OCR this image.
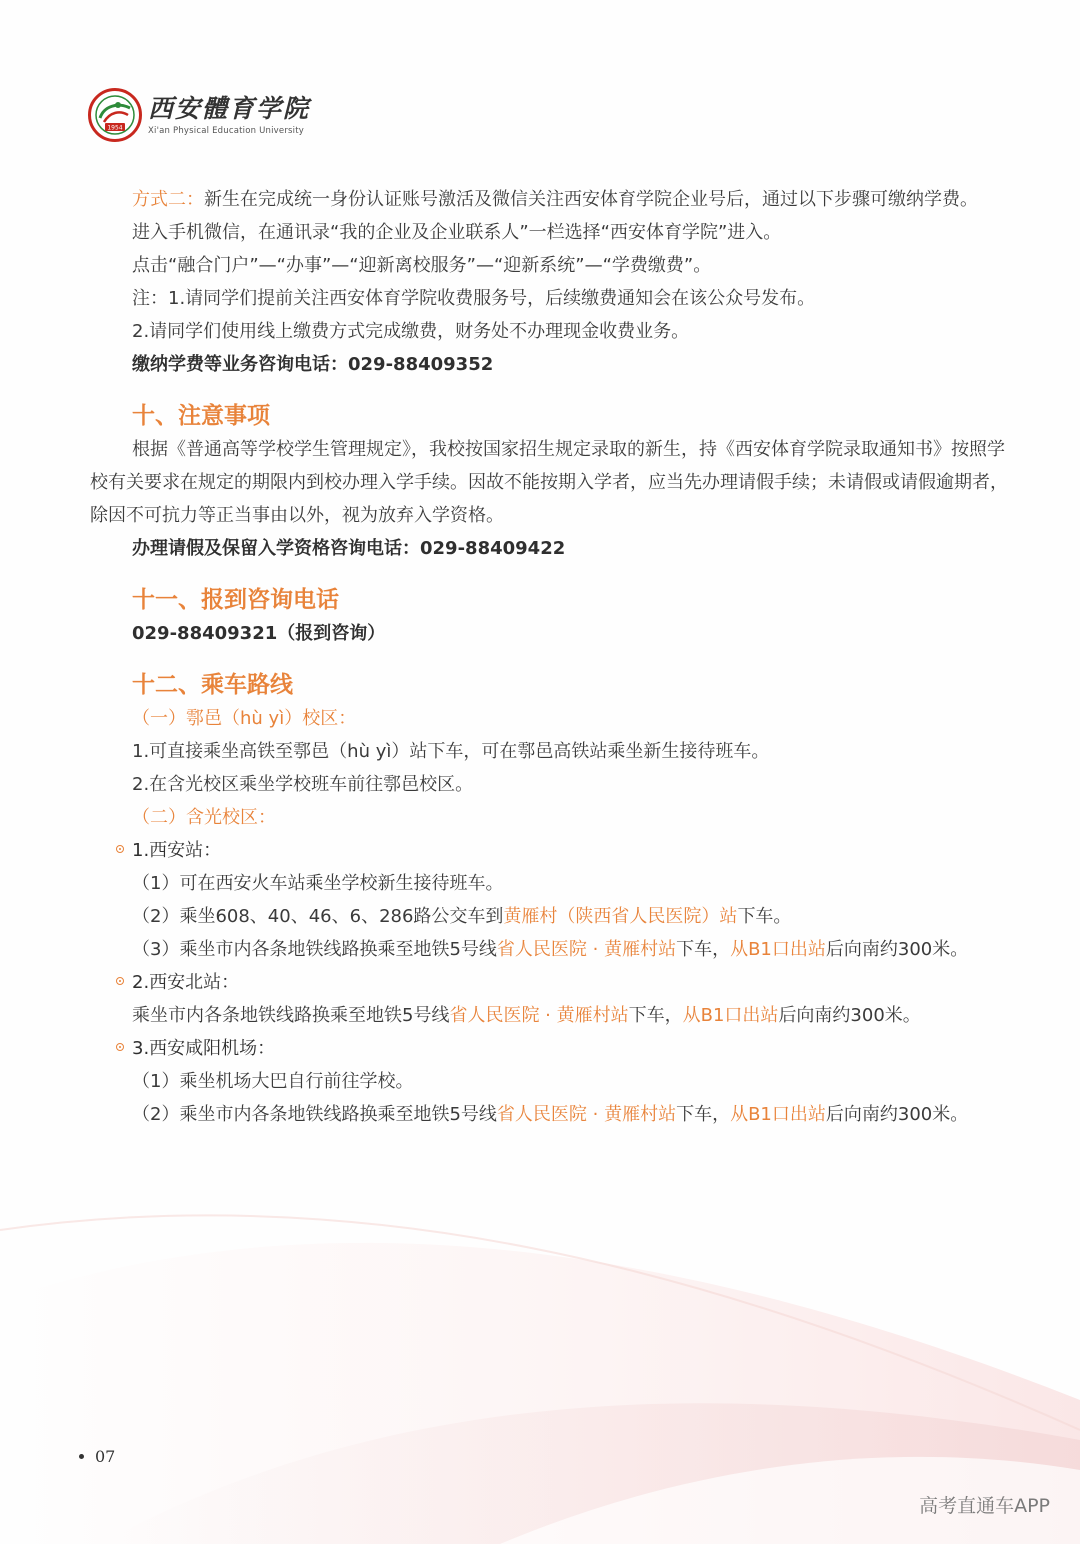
1954
西安體育学院
Xi'an Physical Education University

方式二：新生在完成统一身份认证账号激活及微信关注西安体育学院企业号后，通过以下步骤可缴纳学费。

进入手机微信，在通讯录“我的企业及企业联系人”一栏选择“西安体育学院”进入。

点击“融合门户”—“办事”—“迎新离校服务”—“迎新系统”—“学费缴费”。

注：1.请同学们提前关注西安体育学院收费服务号，后续缴费通知会在该公众号发布。

2.请同学们使用线上缴费方式完成缴费，财务处不办理现金收费业务。

缴纳学费等业务咨询电话：029-88409352

十、注意事项

根据《普通高等学校学生管理规定》，我校按国家招生规定录取的新生，持《西安体育学院录取通知书》按照学校有关要求在规定的期限内到校办理入学手续。因故不能按期入学者，应当先办理请假手续；未请假或请假逾期者，除因不可抗力等正当事由以外，视为放弃入学资格。

办理请假及保留入学资格咨询电话：029-88409422

十一、报到咨询电话

029-88409321（报到咨询）

十二、乘车路线

（一）鄠邑（hù yì）校区：

1.可直接乘坐高铁至鄠邑（hù yì）站下车，可在鄠邑高铁站乘坐新生接待班车。

2.在含光校区乘坐学校班车前往鄠邑校区。

（二）含光校区：

1.西安站：

（1）可在西安火车站乘坐学校新生接待班车。

（2）乘坐608、40、46、6、286路公交车到黄雁村（陕西省人民医院）站下车。

（3）乘坐市内各条地铁线路换乘至地铁5号线省人民医院 · 黄雁村站下车，从B1口出站后向南约300米。

2.西安北站：

乘坐市内各条地铁线路换乘至地铁5号线省人民医院 · 黄雁村站下车，从B1口出站后向南约300米。

3.西安咸阳机场：

（1）乘坐机场大巴自行前往学校。

（2）乘坐市内各条地铁线路换乘至地铁5号线省人民医院 · 黄雁村站下车，从B1口出站后向南约300米。

07
高考直通车APP
